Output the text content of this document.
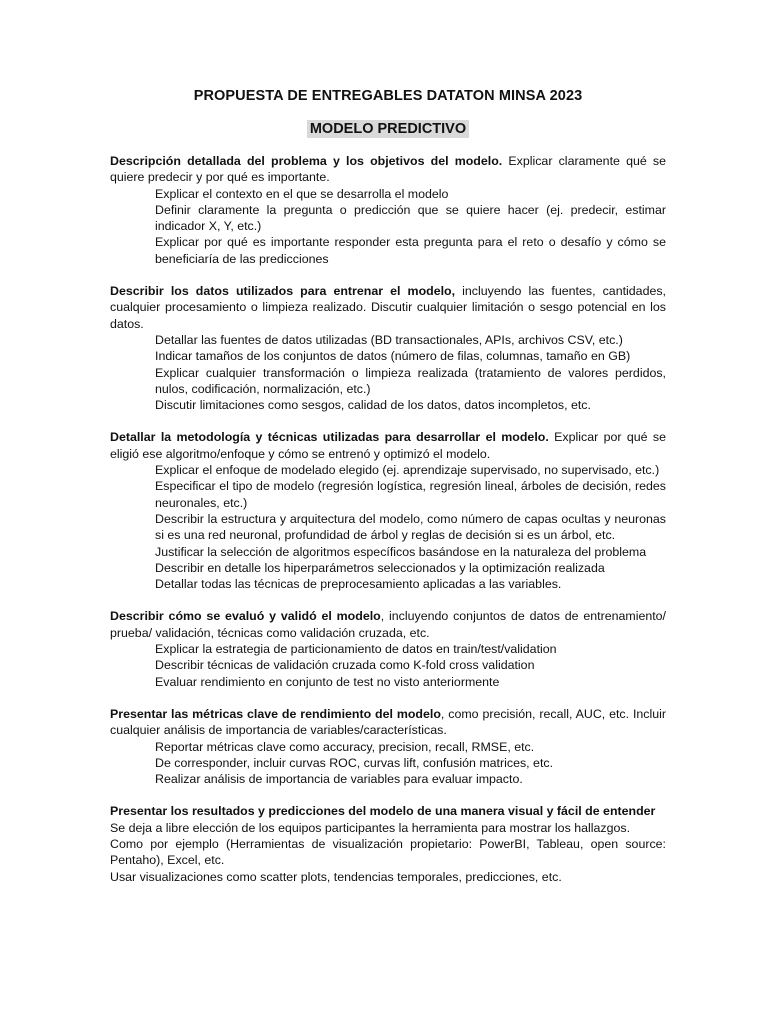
PROPUESTA DE ENTREGABLES DATATON MINSA 2023
MODELO PREDICTIVO

Descripción detallada del problema y los objetivos del modelo. Explicar claramente qué se quiere predecir y por qué es importante.

Explicar el contexto en el que se desarrolla el modelo
Definir claramente la pregunta o predicción que se quiere hacer (ej. predecir, estimar indicador X, Y, etc.)
Explicar por qué es importante responder esta pregunta para el reto o desafío y cómo se beneficiaría de las predicciones

Describir los datos utilizados para entrenar el modelo, incluyendo las fuentes, cantidades, cualquier procesamiento o limpieza realizado. Discutir cualquier limitación o sesgo potencial en los datos.

Detallar las fuentes de datos utilizadas (BD transactionales, APIs, archivos CSV, etc.)
Indicar tamaños de los conjuntos de datos (número de filas, columnas, tamaño en GB)
Explicar cualquier transformación o limpieza realizada (tratamiento de valores perdidos, nulos, codificación, normalización, etc.)
Discutir limitaciones como sesgos, calidad de los datos, datos incompletos, etc.

Detallar la metodología y técnicas utilizadas para desarrollar el modelo. Explicar por qué se eligió ese algoritmo/enfoque y cómo se entrenó y optimizó el modelo.

Explicar el enfoque de modelado elegido (ej. aprendizaje supervisado, no supervisado, etc.)
Especificar el tipo de modelo (regresión logística, regresión lineal, árboles de decisión, redes neuronales, etc.)
Describir la estructura y arquitectura del modelo, como número de capas ocultas y neuronas si es una red neuronal, profundidad de árbol y reglas de decisión si es un árbol, etc.
Justificar la selección de algoritmos específicos basándose en la naturaleza del problema
Describir en detalle los hiperparámetros seleccionados y la optimización realizada
Detallar todas las técnicas de preprocesamiento aplicadas a las variables.

Describir cómo se evaluó y validó el modelo, incluyendo conjuntos de datos de entrenamiento/ prueba/ validación, técnicas como validación cruzada, etc.

Explicar la estrategia de particionamiento de datos en train/test/validation
Describir técnicas de validación cruzada como K-fold cross validation
Evaluar rendimiento en conjunto de test no visto anteriormente

Presentar las métricas clave de rendimiento del modelo, como precisión, recall, AUC, etc. Incluir cualquier análisis de importancia de variables/características.

Reportar métricas clave como accuracy, precision, recall, RMSE, etc.
De corresponder, incluir curvas ROC, curvas lift, confusión matrices, etc.
Realizar análisis de importancia de variables para evaluar impacto.

Presentar los resultados y predicciones del modelo de una manera visual y fácil de entender

Se deja a libre elección de los equipos participantes la herramienta para mostrar los hallazgos.

Como por ejemplo (Herramientas de visualización propietario: PowerBI, Tableau, open source: Pentaho), Excel, etc.

Usar visualizaciones como scatter plots, tendencias temporales, predicciones, etc.
